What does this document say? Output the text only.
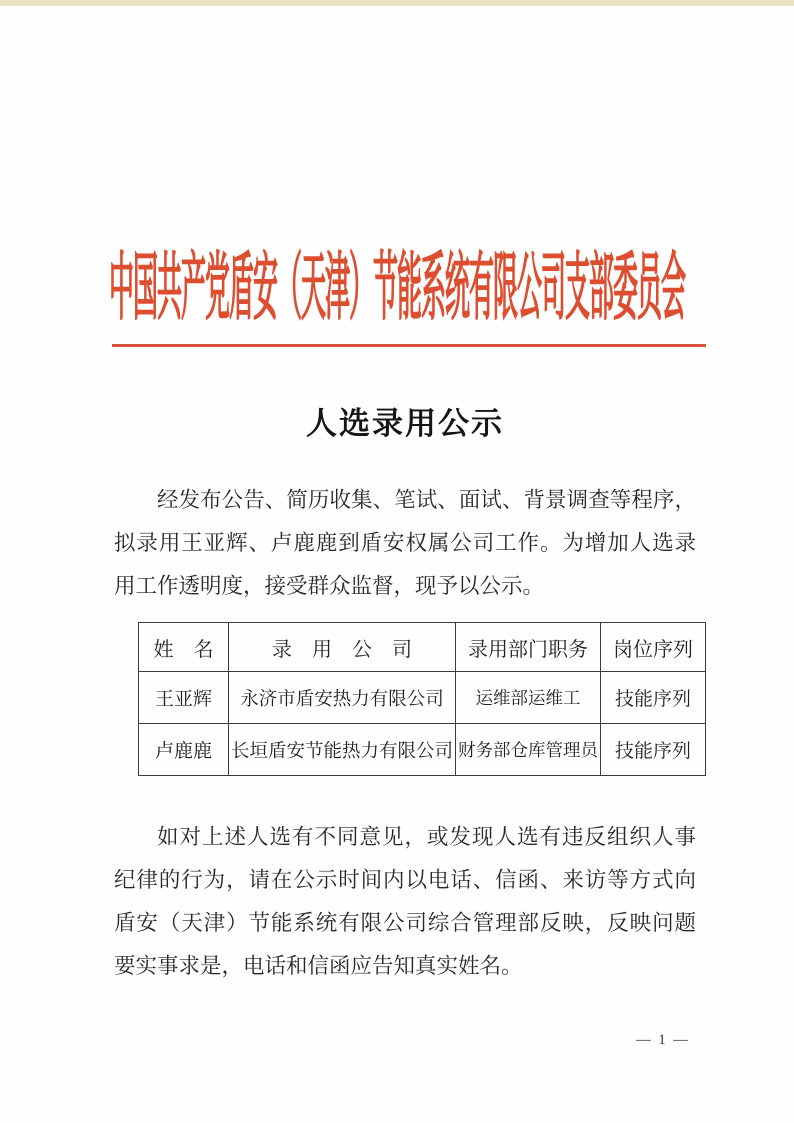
中国共产党盾安（天津）节能系统有限公司支部委员会
人选录用公示
经发布公告、简历收集、笔试、面试、背景调查等程序，
拟录用王亚辉、卢鹿鹿到盾安权属公司工作。为增加人选录
用工作透明度，接受群众监督，现予以公示。
姓　名	录　用　公　司	录用部门职务	岗位序列
王亚辉	永济市盾安热力有限公司	运维部运维工	技能序列
卢鹿鹿	长垣盾安节能热力有限公司	财务部仓库管理员	技能序列
如对上述人选有不同意见，或发现人选有违反组织人事
纪律的行为，请在公示时间内以电话、信函、来访等方式向
盾安（天津）节能系统有限公司综合管理部反映，反映问题
要实事求是，电话和信函应告知真实姓名。
— 1 —
